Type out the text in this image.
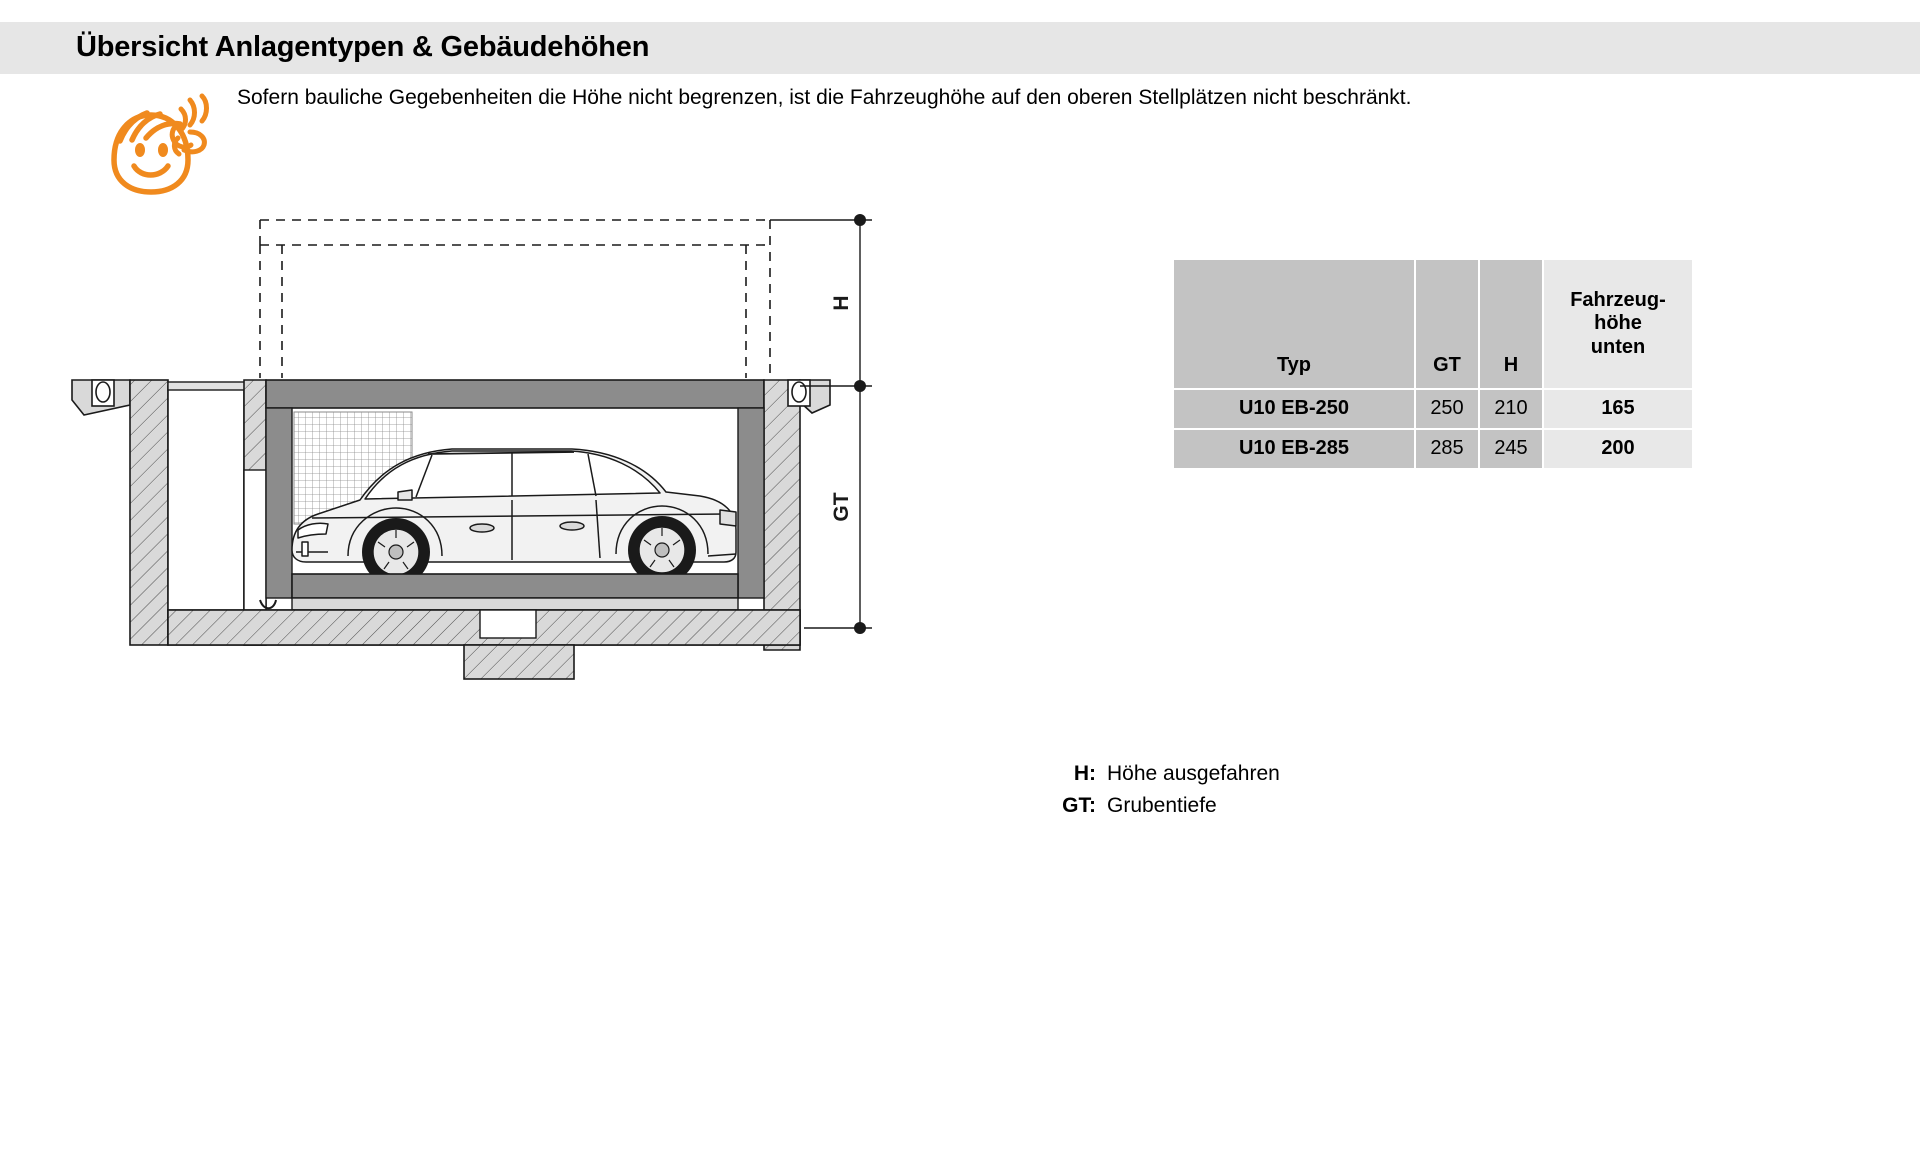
Übersicht Anlagentypen & Gebäudehöhen
Sofern bauliche Gegebenheiten die Höhe nicht begrenzen, ist die Fahrzeughöhe auf den oberen Stellplätzen nicht beschränkt.
H
GT
Typ	GT	H	Fahrzeug-
höhe
unten

U10 EB-250	250	210	165
U10 EB-285	285	245	200
H: Höhe ausgefahren
GT: Grubentiefe
